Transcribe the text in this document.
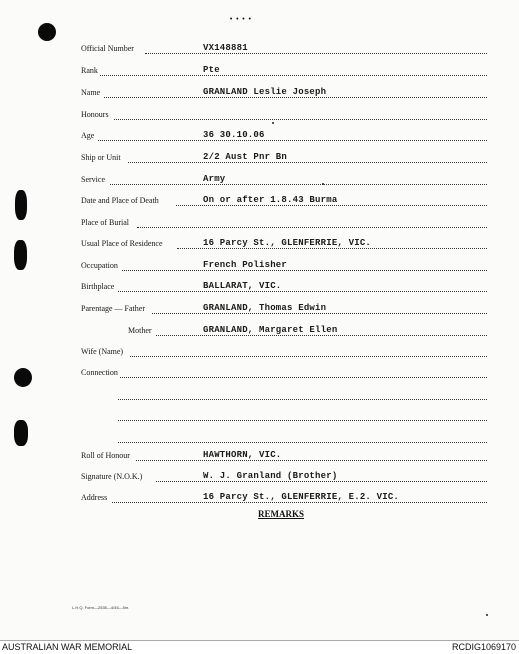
••••
Official Number	VX148881
Rank	Pte
Name	GRANLAND Leslie Joseph
Honours
Age	36 30.10.06
Ship or Unit	2/2 Aust Pnr Bn
Service	Army
Date and Place of Death	On or after 1.8.43 Burma
Place of Burial
Usual Place of Residence	16 Parcy St., GLENFERRIE, VIC.
Occupation	French Polisher
Birthplace	BALLARAT, VIC.
Parentage — Father	GRANLAND, Thomas Edwin
Mother	GRANLAND, Margaret Ellen
Wife (Name)
Connection
Roll of Honour	HAWTHORN, VIC.
Signature (N.O.K.)	W. J. Granland (Brother)
Address	16 Parcy St., GLENFERRIE, E.2. VIC.
REMARKS
L.H.Q. Form—2535—4/45—5m.
AUSTRALIAN WAR MEMORIAL	RCDIG1069170
